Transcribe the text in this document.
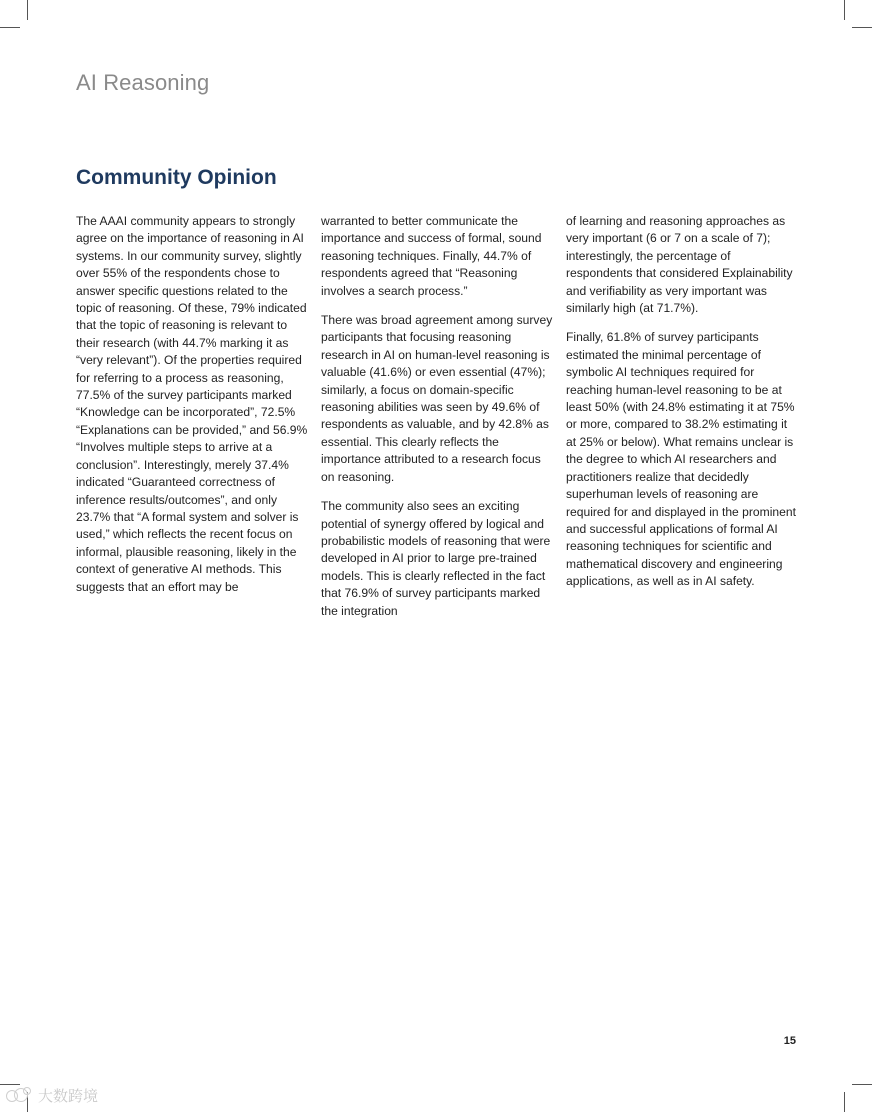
AI Reasoning
Community Opinion

The AAAI community appears to strongly agree on the importance of reasoning in AI systems. In our community survey, slightly over 55% of the respondents chose to answer specific questions related to the topic of reasoning. Of these, 79% indicated that the topic of reasoning is relevant to their research (with 44.7% marking it as “very relevant”). Of the properties required for referring to a process as reasoning, 77.5% of the survey participants marked “Knowledge can be incorporated”, 72.5% “Explanations can be provided,” and 56.9% “Involves multiple steps to arrive at a conclusion”. Interestingly, merely 37.4% indicated “Guaranteed correctness of inference results/outcomes”, and only 23.7% that “A formal system and solver is used,” which reflects the recent focus on informal, plausible reasoning, likely in the context of generative AI methods. This suggests that an effort may be

warranted to better communicate the importance and success of formal, sound reasoning techniques. Finally, 44.7% of respondents agreed that “Reasoning involves a search process.”

There was broad agreement among survey participants that focusing reasoning research in AI on human-level reasoning is valuable (41.6%) or even essential (47%); similarly, a focus on domain-specific reasoning abilities was seen by 49.6% of respondents as valuable, and by 42.8% as essential. This clearly reflects the importance attributed to a research focus on reasoning.

The community also sees an exciting potential of synergy offered by logical and probabilistic models of reasoning that were developed in AI prior to large pre-trained models. This is clearly reflected in the fact that 76.9% of survey participants marked the integration

of learning and reasoning approaches as very important (6 or 7 on a scale of 7); interestingly, the percentage of respondents that considered Explainability and verifiability as very important was similarly high (at 71.7%).

Finally, 61.8% of survey participants estimated the minimal percentage of symbolic AI techniques required for reaching human-level reasoning to be at least 50% (with 24.8% estimating it at 75% or more, compared to 38.2% estimating it at 25% or below). What remains unclear is the degree to which AI researchers and practitioners realize that decidedly superhuman levels of reasoning are required for and displayed in the prominent and successful applications of formal AI reasoning techniques for scientific and mathematical discovery and engineering applications, as well as in AI safety.

15
大数跨境
